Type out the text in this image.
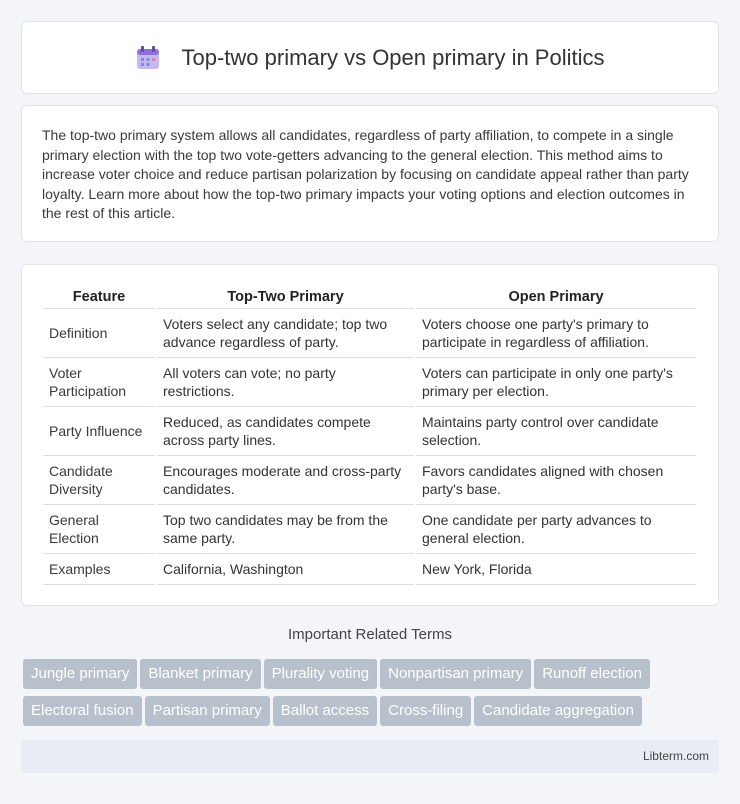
Top-two primary vs Open primary in Politics

The top-two primary system allows all candidates, regardless of party affiliation, to compete in a single primary election with the top two vote-getters advancing to the general election. This method aims to increase voter choice and reduce partisan polarization by focusing on candidate appeal rather than party loyalty. Learn more about how the top-two primary impacts your voting options and election outcomes in the rest of this article.

Feature	Top-Two Primary	Open Primary
Definition	Voters select any candidate; top two advance regardless of party.	Voters choose one party's primary to participate in regardless of affiliation.
Voter Participation	All voters can vote; no party restrictions.	Voters can participate in only one party's primary per election.
Party Influence	Reduced, as candidates compete across party lines.	Maintains party control over candidate selection.
Candidate Diversity	Encourages moderate and cross-party candidates.	Favors candidates aligned with chosen party's base.
General Election	Top two candidates may be from the same party.	One candidate per party advances to general election.
Examples	California, Washington	New York, Florida
Important Related Terms
Jungle primary	Blanket primary	Plurality voting	Nonpartisan primary	Runoff election
Electoral fusion	Partisan primary	Ballot access	Cross-filing	Candidate aggregation
Libterm.com
